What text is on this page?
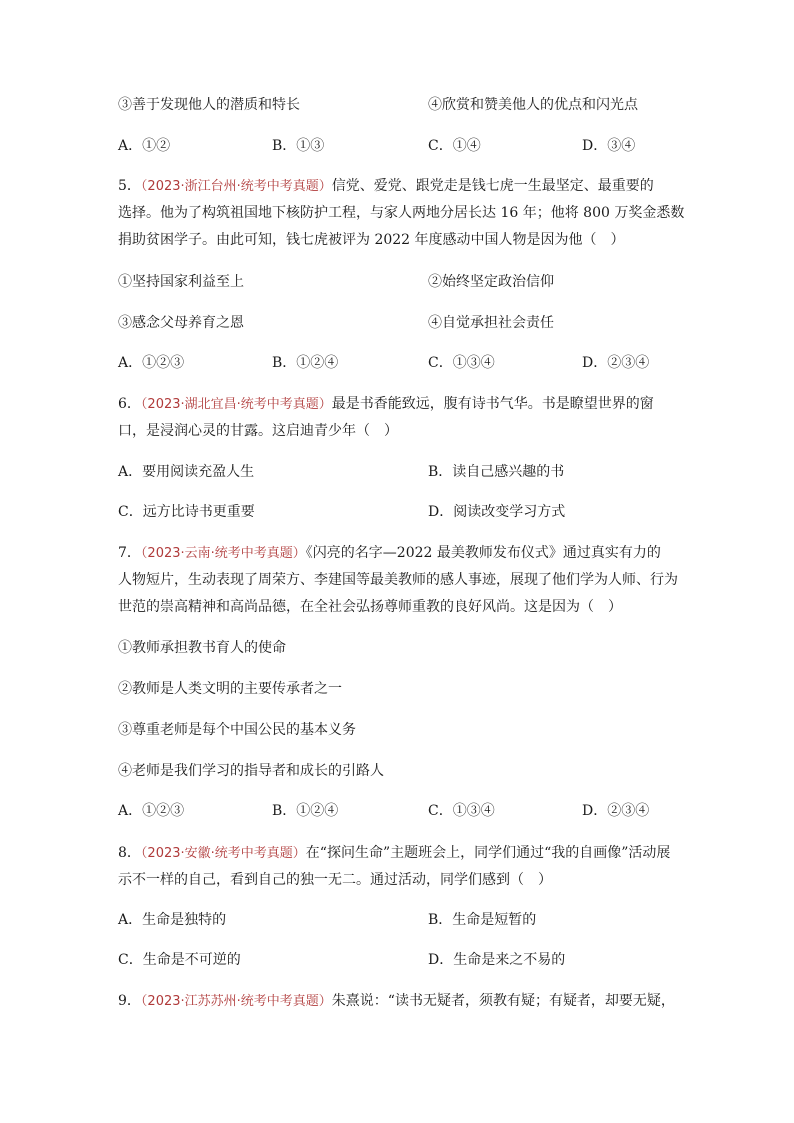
③善于发现他人的潜质和特长	④欣赏和赞美他人的优点和闪光点
A．①②	B．①③	C．①④	D．③④
5．（2023·浙江台州·统考中考真题）信党、爱党、跟党走是钱七虎一生最坚定、最重要的
选择。他为了构筑祖国地下核防护工程，与家人两地分居长达 16 年；他将 800 万奖金悉数
捐助贫困学子。由此可知，钱七虎被评为 2022 年度感动中国人物是因为他（　）
①坚持国家利益至上	②始终坚定政治信仰
③感念父母养育之恩	④自觉承担社会责任
A．①②③	B．①②④	C．①③④	D．②③④
6．（2023·湖北宜昌·统考中考真题）最是书香能致远，腹有诗书气华。书是瞭望世界的窗
口，是浸润心灵的甘露。这启迪青少年（　）
A．要用阅读充盈人生	B．读自己感兴趣的书
C．远方比诗书更重要	D．阅读改变学习方式
7．（2023·云南·统考中考真题）《闪亮的名字—2022 最美教师发布仪式》通过真实有力的
人物短片，生动表现了周荣方、李建国等最美教师的感人事迹，展现了他们学为人师、行为
世范的崇高精神和高尚品德，在全社会弘扬尊师重教的良好风尚。这是因为（　）
①教师承担教书育人的使命
②教师是人类文明的主要传承者之一
③尊重老师是每个中国公民的基本义务
④老师是我们学习的指导者和成长的引路人
A．①②③	B．①②④	C．①③④	D．②③④
8．（2023·安徽·统考中考真题）在“探问生命”主题班会上，同学们通过“我的自画像”活动展
示不一样的自己，看到自己的独一无二。通过活动，同学们感到（　）
A．生命是独特的	B．生命是短暂的
C．生命是不可逆的	D．生命是来之不易的
9．（2023·江苏苏州·统考中考真题）朱熹说：“读书无疑者，须教有疑；有疑者，却要无疑，
